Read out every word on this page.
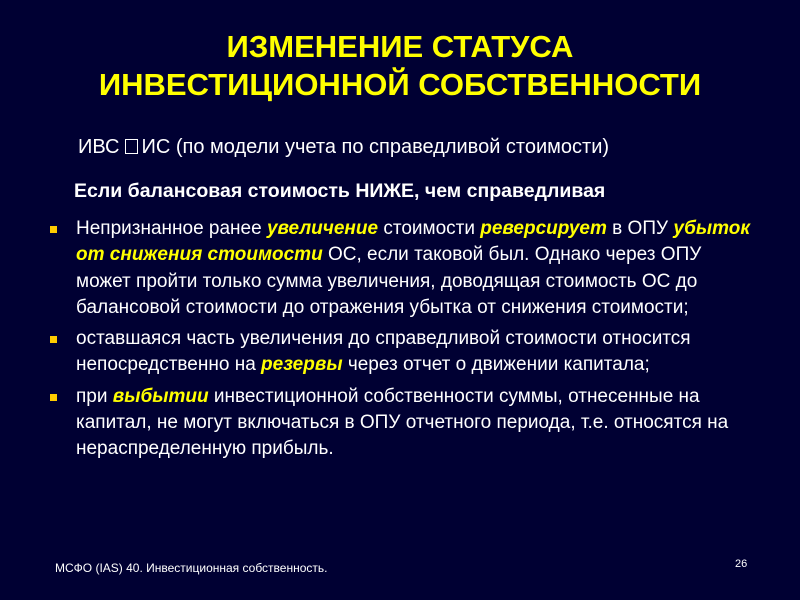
ИЗМЕНЕНИЕ СТАТУСА
ИНВЕСТИЦИОННОЙ СОБСТВЕННОСТИ
ИВС ИС (по модели учета по справедливой стоимости)
Если балансовая стоимость НИЖЕ, чем справедливая
Непризнанное ранее увеличение стоимости реверсирует в ОПУ убыток от снижения стоимости ОС, если таковой был. Однако через ОПУ может пройти только сумма увеличения, доводящая стоимость ОС до балансовой стоимости до отражения убытка от снижения стоимости;
оставшаяся часть увеличения до справедливой стоимости относится непосредственно на резервы через отчет о движении капитала;
при выбытии инвестиционной собственности суммы, отнесенные на капитал, не могут включаться в ОПУ отчетного периода, т.е. относятся на нераспределенную прибыль.
МСФО (IAS) 40. Инвестиционная собственность.	26
